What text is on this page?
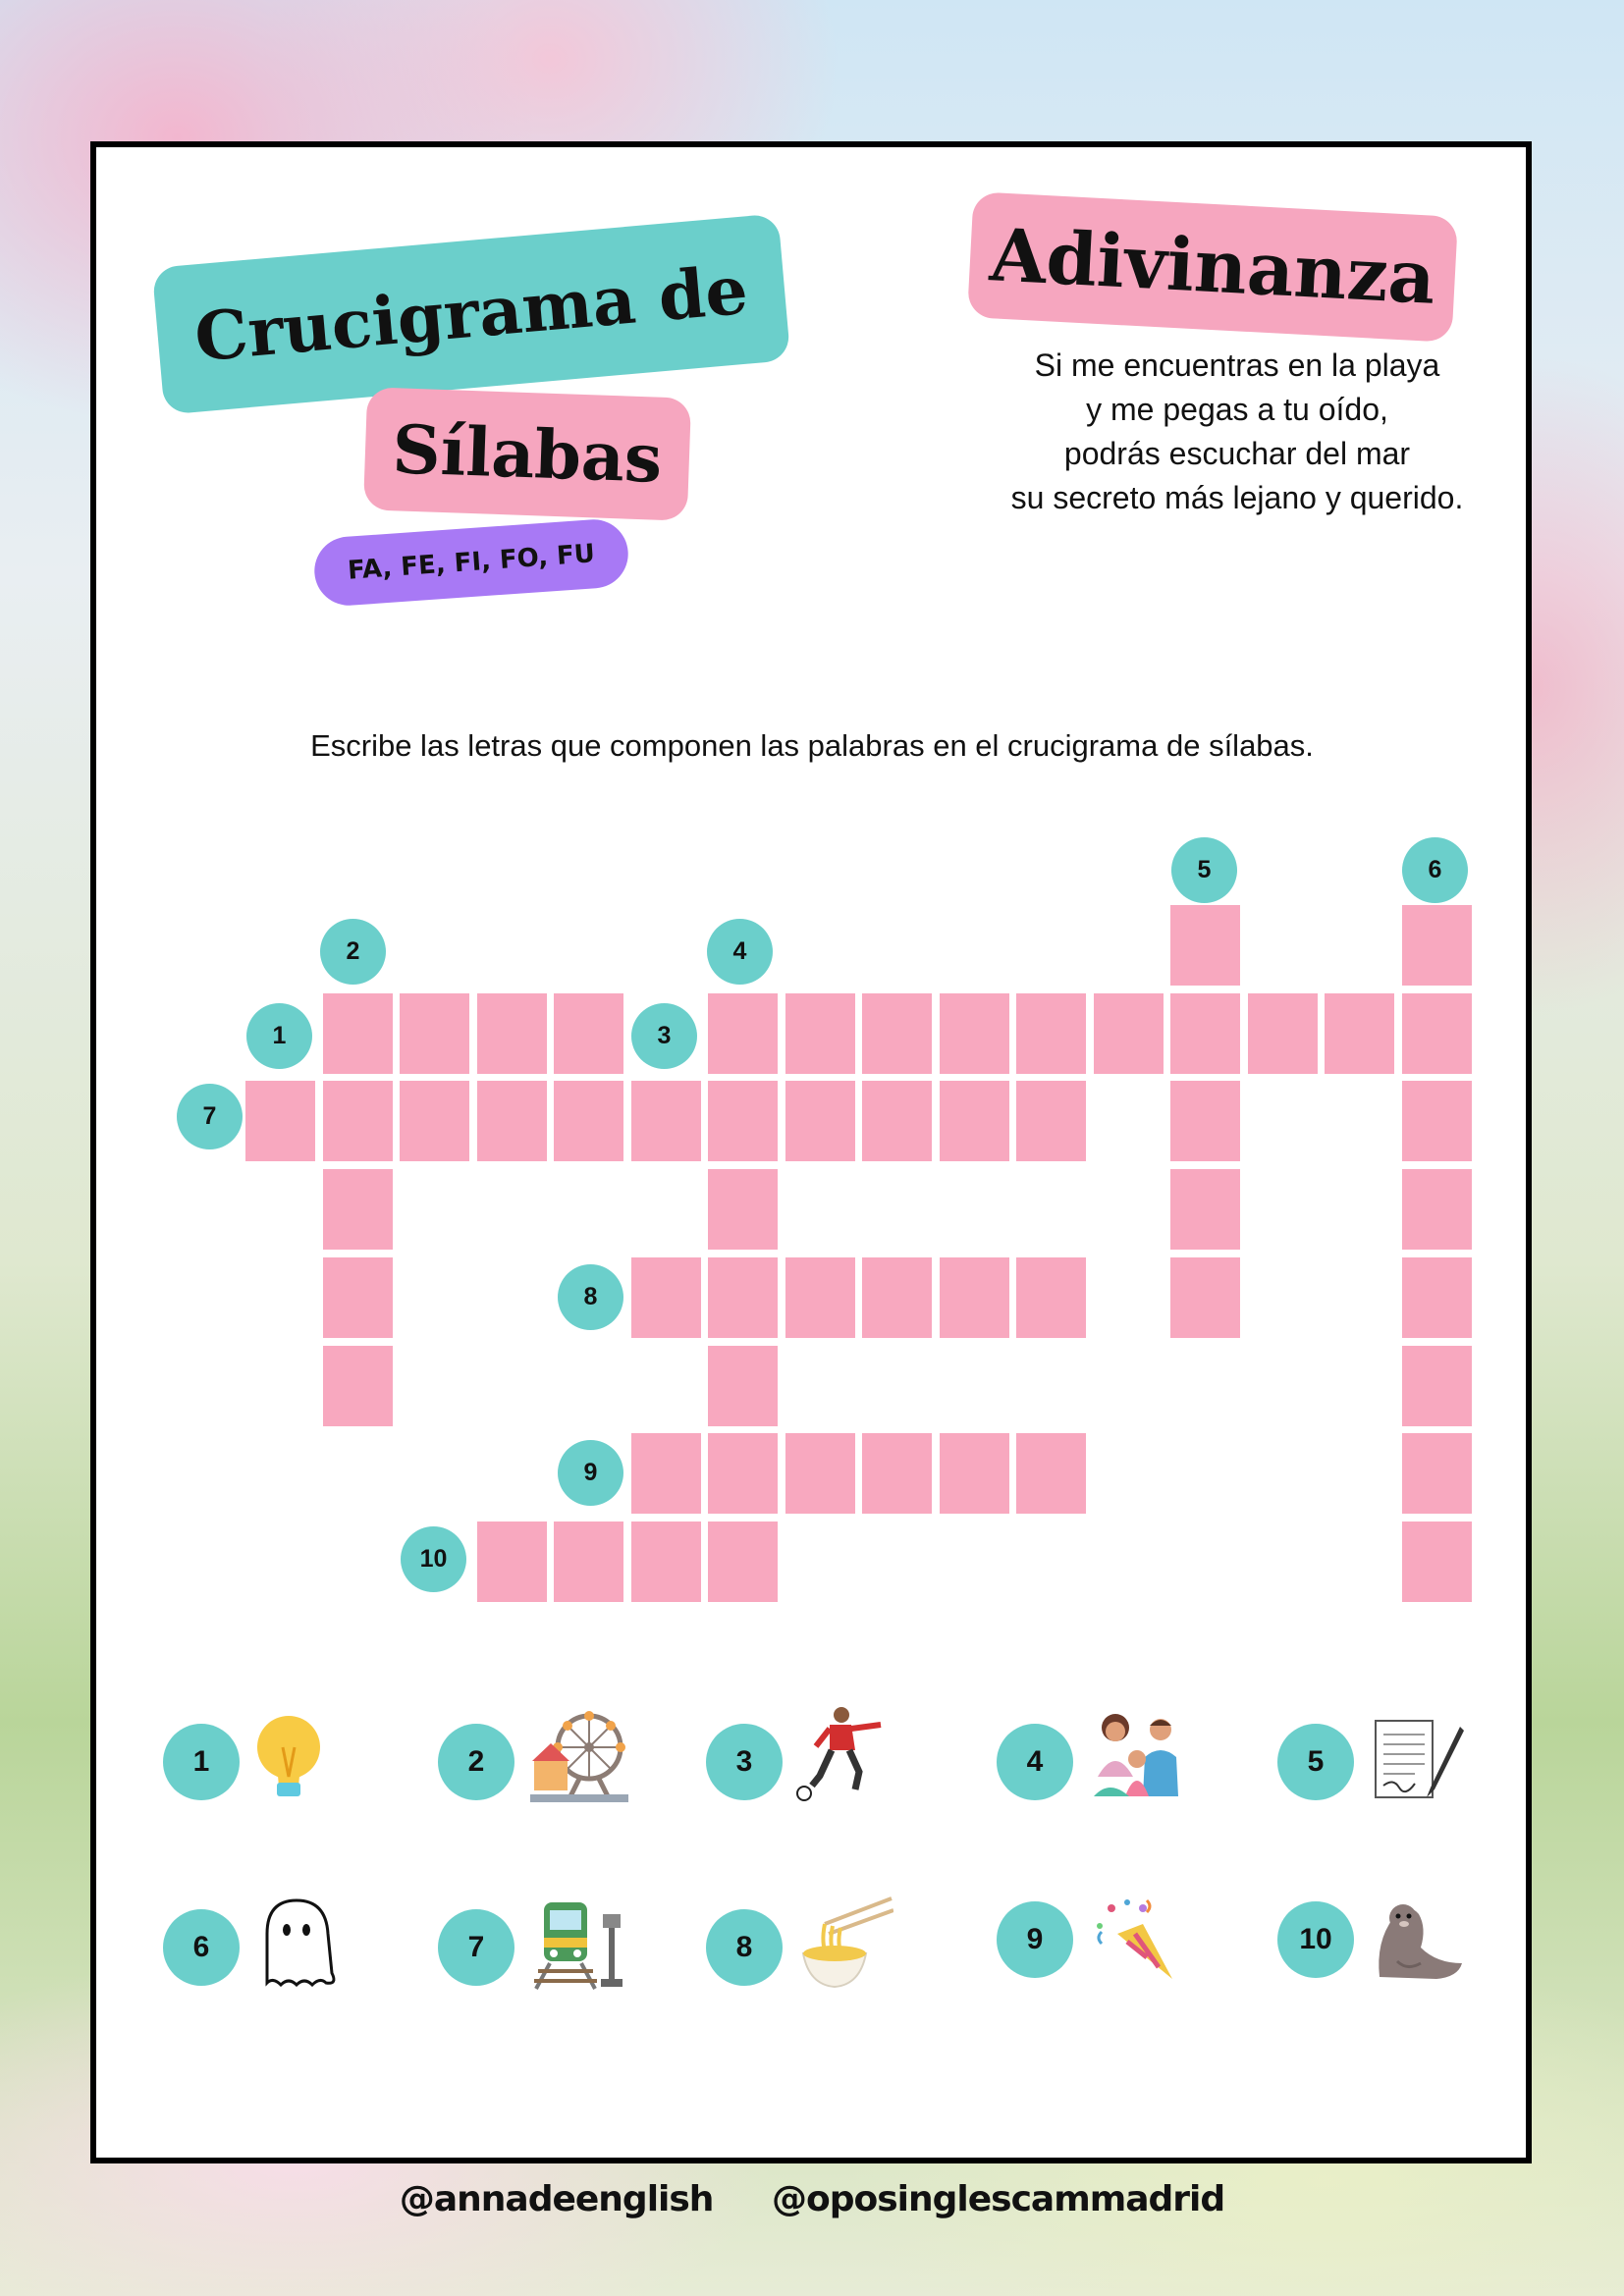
Crucigrama de
Sílabas
FA, FE, FI, FO, FU
Adivinanza
Si me encuentras en la playa
y me pegas a tu oído,
podrás escuchar del mar
su secreto más lejano y querido.
Escribe las letras que componen las palabras en el crucigrama de sílabas.
1
2
3
4
5	6
7
8
9
10
1	2	3	4	5
6	7	8	9	10
@annadeenglish @oposinglescammadrid
